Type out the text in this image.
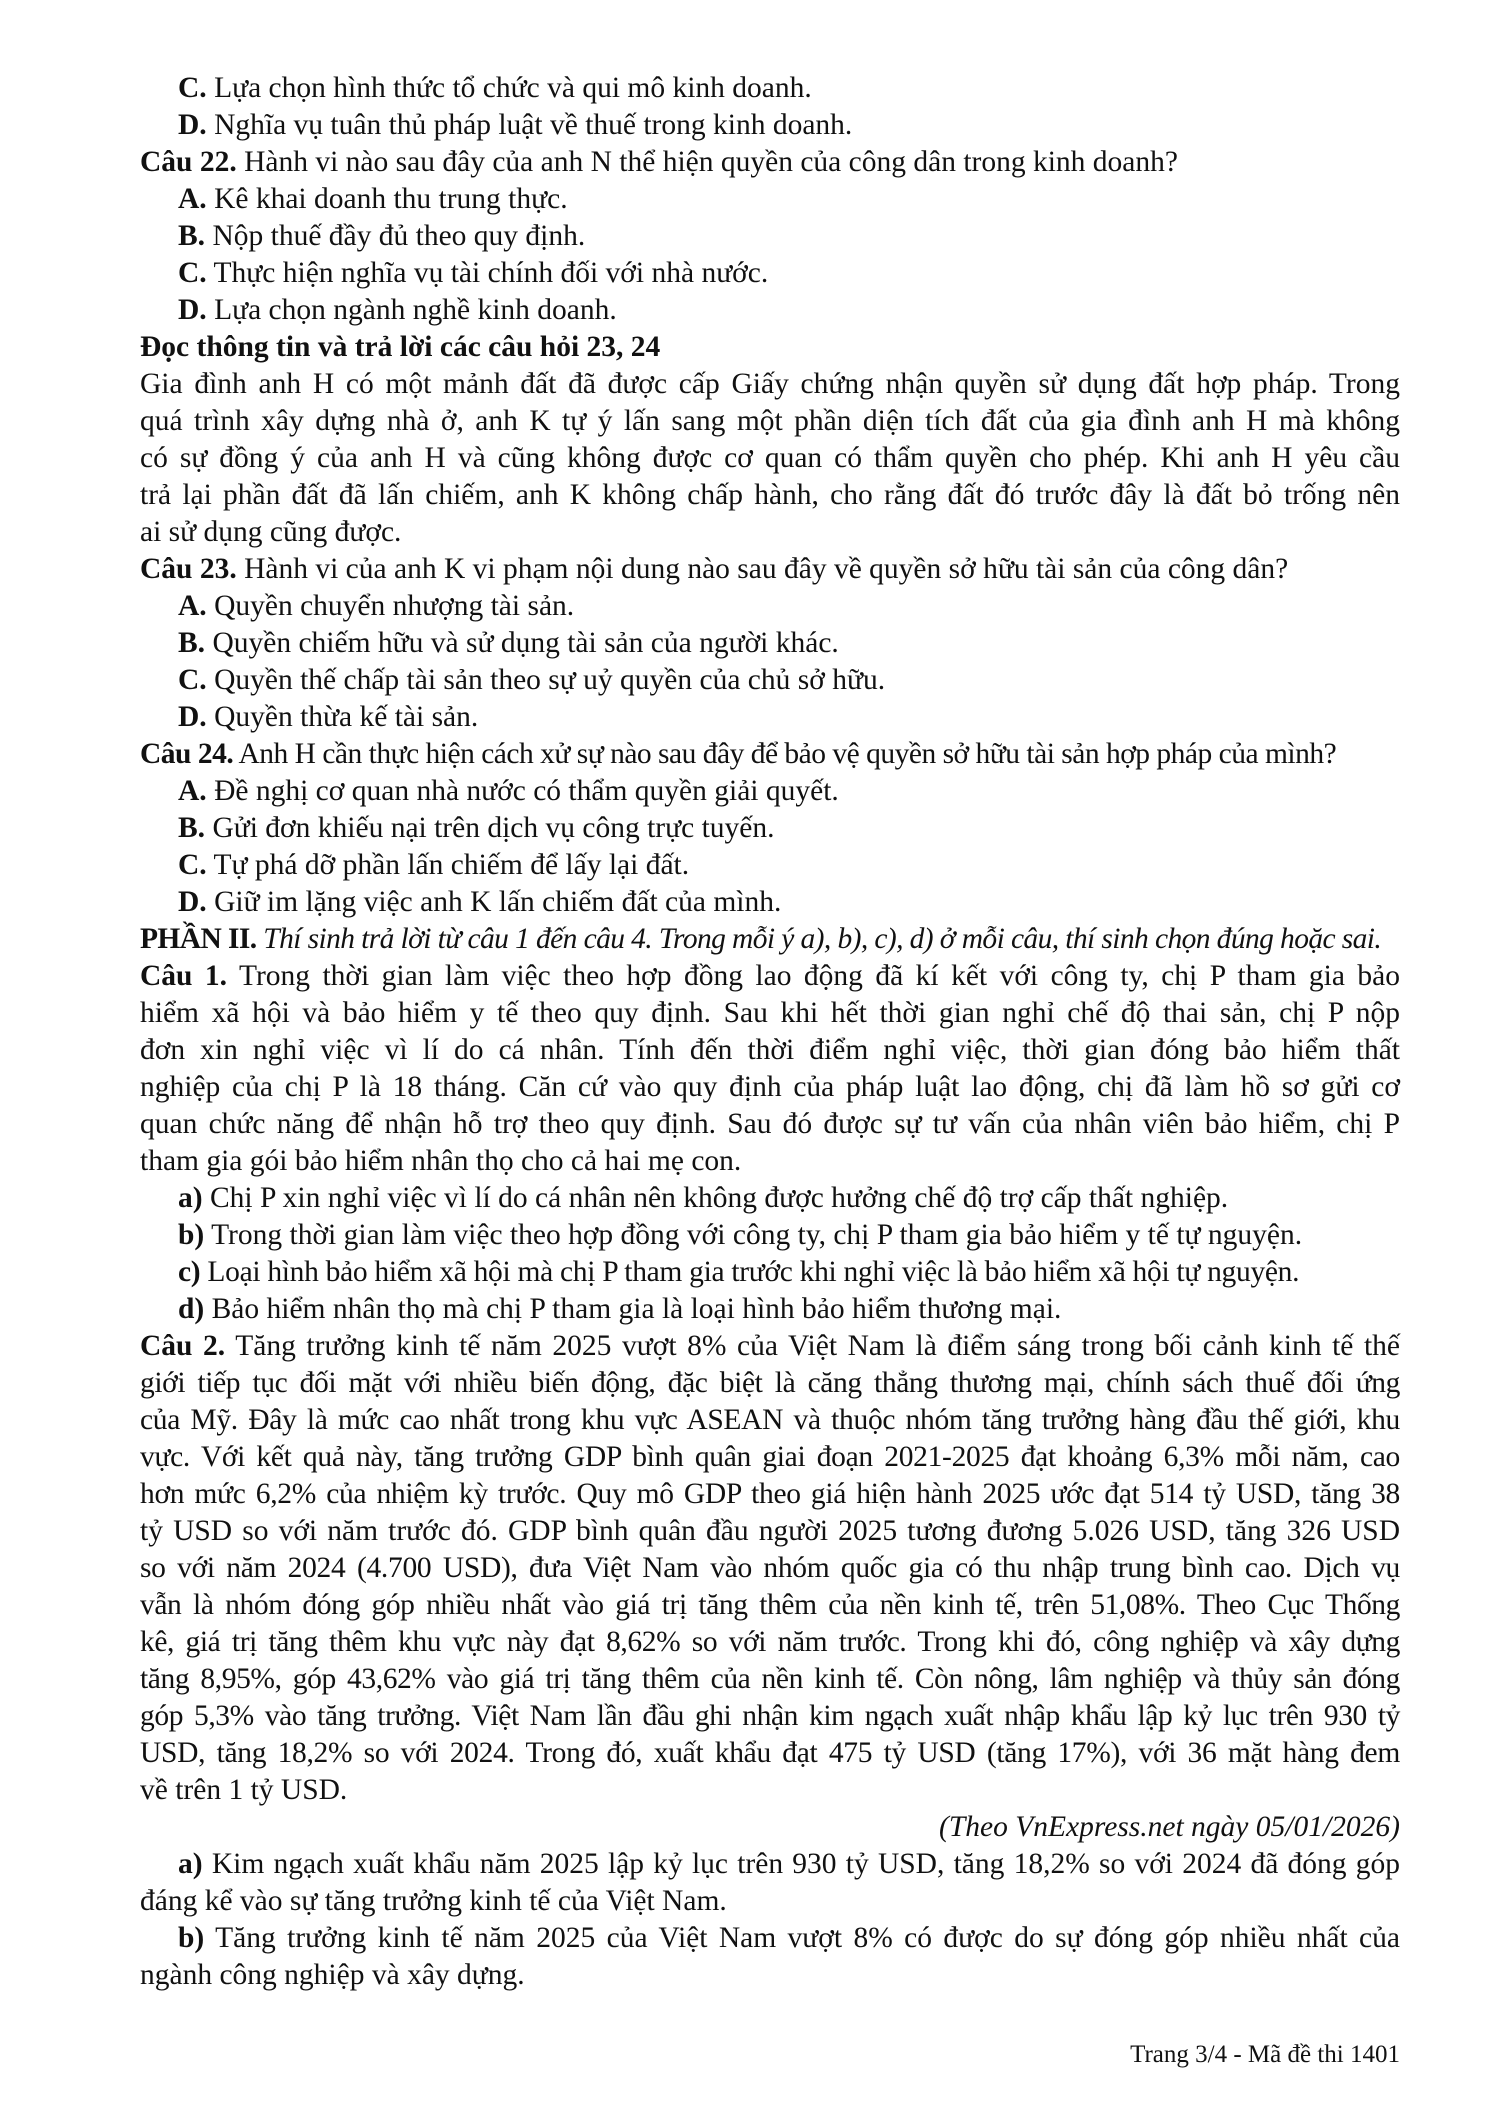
C. Lựa chọn hình thức tổ chức và qui mô kinh doanh.
D. Nghĩa vụ tuân thủ pháp luật về thuế trong kinh doanh.
Câu 22. Hành vi nào sau đây của anh N thể hiện quyền của công dân trong kinh doanh?
A. Kê khai doanh thu trung thực.
B. Nộp thuế đầy đủ theo quy định.
C. Thực hiện nghĩa vụ tài chính đối với nhà nước.
D. Lựa chọn ngành nghề kinh doanh.
Đọc thông tin và trả lời các câu hỏi 23, 24
Gia đình anh H có một mảnh đất đã được cấp Giấy chứng nhận quyền sử dụng đất hợp pháp. Trong
quá trình xây dựng nhà ở, anh K tự ý lấn sang một phần diện tích đất của gia đình anh H mà không
có sự đồng ý của anh H và cũng không được cơ quan có thẩm quyền cho phép. Khi anh H yêu cầu
trả lại phần đất đã lấn chiếm, anh K không chấp hành, cho rằng đất đó trước đây là đất bỏ trống nên
ai sử dụng cũng được.
Câu 23. Hành vi của anh K vi phạm nội dung nào sau đây về quyền sở hữu tài sản của công dân?
A. Quyền chuyển nhượng tài sản.
B. Quyền chiếm hữu và sử dụng tài sản của người khác.
C. Quyền thế chấp tài sản theo sự uỷ quyền của chủ sở hữu.
D. Quyền thừa kế tài sản.
Câu 24. Anh H cần thực hiện cách xử sự nào sau đây để bảo vệ quyền sở hữu tài sản hợp pháp của mình?
A. Đề nghị cơ quan nhà nước có thẩm quyền giải quyết.
B. Gửi đơn khiếu nại trên dịch vụ công trực tuyến.
C. Tự phá dỡ phần lấn chiếm để lấy lại đất.
D. Giữ im lặng việc anh K lấn chiếm đất của mình.
PHẦN II. Thí sinh trả lời từ câu 1 đến câu 4. Trong mỗi ý a), b), c), d) ở mỗi câu, thí sinh chọn đúng hoặc sai.
Câu 1. Trong thời gian làm việc theo hợp đồng lao động đã kí kết với công ty, chị P tham gia bảo
hiểm xã hội và bảo hiểm y tế theo quy định. Sau khi hết thời gian nghỉ chế độ thai sản, chị P nộp
đơn xin nghỉ việc vì lí do cá nhân. Tính đến thời điểm nghỉ việc, thời gian đóng bảo hiểm thất
nghiệp của chị P là 18 tháng. Căn cứ vào quy định của pháp luật lao động, chị đã làm hồ sơ gửi cơ
quan chức năng để nhận hỗ trợ theo quy định. Sau đó được sự tư vấn của nhân viên bảo hiểm, chị P
tham gia gói bảo hiểm nhân thọ cho cả hai mẹ con.
a) Chị P xin nghỉ việc vì lí do cá nhân nên không được hưởng chế độ trợ cấp thất nghiệp.
b) Trong thời gian làm việc theo hợp đồng với công ty, chị P tham gia bảo hiểm y tế tự nguyện.
c) Loại hình bảo hiểm xã hội mà chị P tham gia trước khi nghỉ việc là bảo hiểm xã hội tự nguyện.
d) Bảo hiểm nhân thọ mà chị P tham gia là loại hình bảo hiểm thương mại.
Câu 2. Tăng trưởng kinh tế năm 2025 vượt 8% của Việt Nam là điểm sáng trong bối cảnh kinh tế thế
giới tiếp tục đối mặt với nhiều biến động, đặc biệt là căng thẳng thương mại, chính sách thuế đối ứng
của Mỹ. Đây là mức cao nhất trong khu vực ASEAN và thuộc nhóm tăng trưởng hàng đầu thế giới, khu
vực. Với kết quả này, tăng trưởng GDP bình quân giai đoạn 2021-2025 đạt khoảng 6,3% mỗi năm, cao
hơn mức 6,2% của nhiệm kỳ trước. Quy mô GDP theo giá hiện hành 2025 ước đạt 514 tỷ USD, tăng 38
tỷ USD so với năm trước đó. GDP bình quân đầu người 2025 tương đương 5.026 USD, tăng 326 USD
so với năm 2024 (4.700 USD), đưa Việt Nam vào nhóm quốc gia có thu nhập trung bình cao. Dịch vụ
vẫn là nhóm đóng góp nhiều nhất vào giá trị tăng thêm của nền kinh tế, trên 51,08%. Theo Cục Thống
kê, giá trị tăng thêm khu vực này đạt 8,62% so với năm trước. Trong khi đó, công nghiệp và xây dựng
tăng 8,95%, góp 43,62% vào giá trị tăng thêm của nền kinh tế. Còn nông, lâm nghiệp và thủy sản đóng
góp 5,3% vào tăng trưởng. Việt Nam lần đầu ghi nhận kim ngạch xuất nhập khẩu lập kỷ lục trên 930 tỷ
USD, tăng 18,2% so với 2024. Trong đó, xuất khẩu đạt 475 tỷ USD (tăng 17%), với 36 mặt hàng đem
về trên 1 tỷ USD.
(Theo VnExpress.net ngày 05/01/2026)
a) Kim ngạch xuất khẩu năm 2025 lập kỷ lục trên 930 tỷ USD, tăng 18,2% so với 2024 đã đóng góp
đáng kể vào sự tăng trưởng kinh tế của Việt Nam.
b) Tăng trưởng kinh tế năm 2025 của Việt Nam vượt 8% có được do sự đóng góp nhiều nhất của
ngành công nghiệp và xây dựng.
Trang 3/4 - Mã đề thi 1401
